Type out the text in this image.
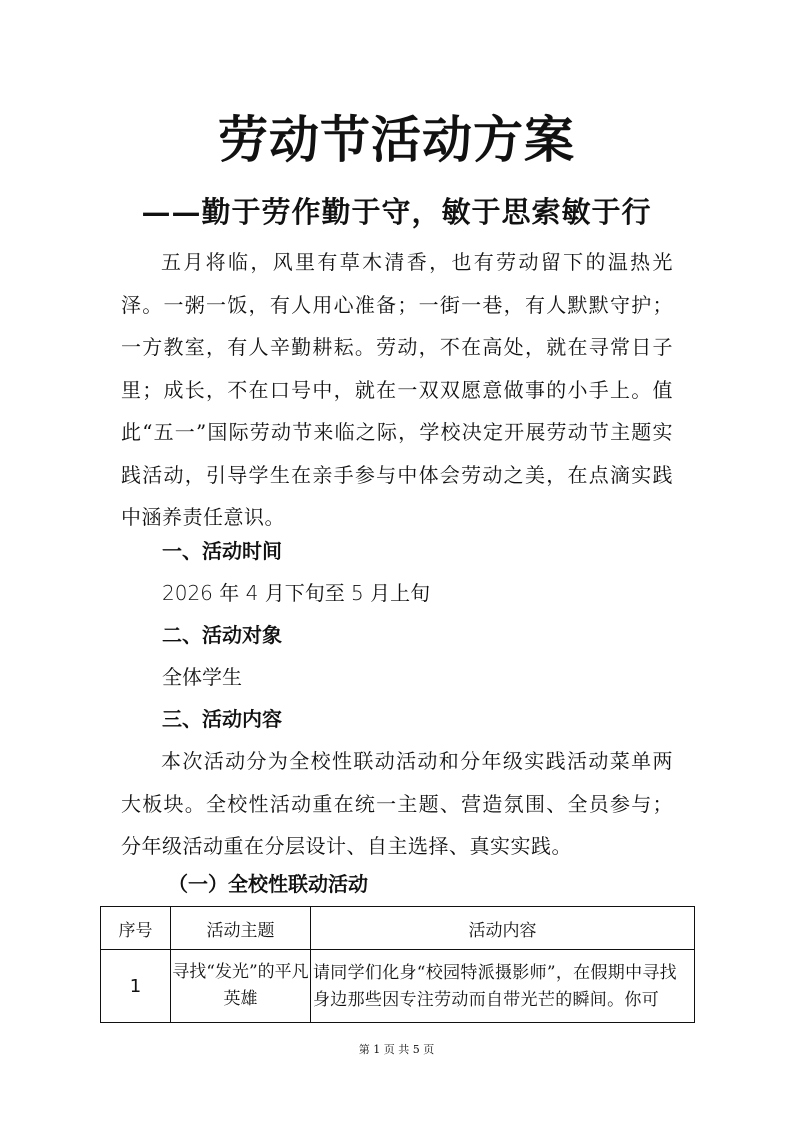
劳动节活动方案
——勤于劳作勤于守，敏于思索敏于行

五月将临，风里有草木清香，也有劳动留下的温热光泽。一粥一饭，有人用心准备；一街一巷，有人默默守护；一方教室，有人辛勤耕耘。劳动，不在高处，就在寻常日子里；成长，不在口号中，就在一双双愿意做事的小手上。值此“五一”国际劳动节来临之际，学校决定开展劳动节主题实践活动，引导学生在亲手参与中体会劳动之美，在点滴实践中涵养责任意识。

一、活动时间
2026 年 4 月下旬至 5 月上旬
二、活动对象
全体学生
三、活动内容

本次活动分为全校性联动活动和分年级实践活动菜单两大板块。全校性活动重在统一主题、营造氛围、全员参与；分年级活动重在分层设计、自主选择、真实实践。

（一）全校性联动活动
序号	活动主题	活动内容
1	寻找“发光”的平凡英雄	请同学们化身“校园特派摄影师”，在假期中寻找身边那些因专注劳动而自带光芒的瞬间。你可
第 1 页 共 5 页
